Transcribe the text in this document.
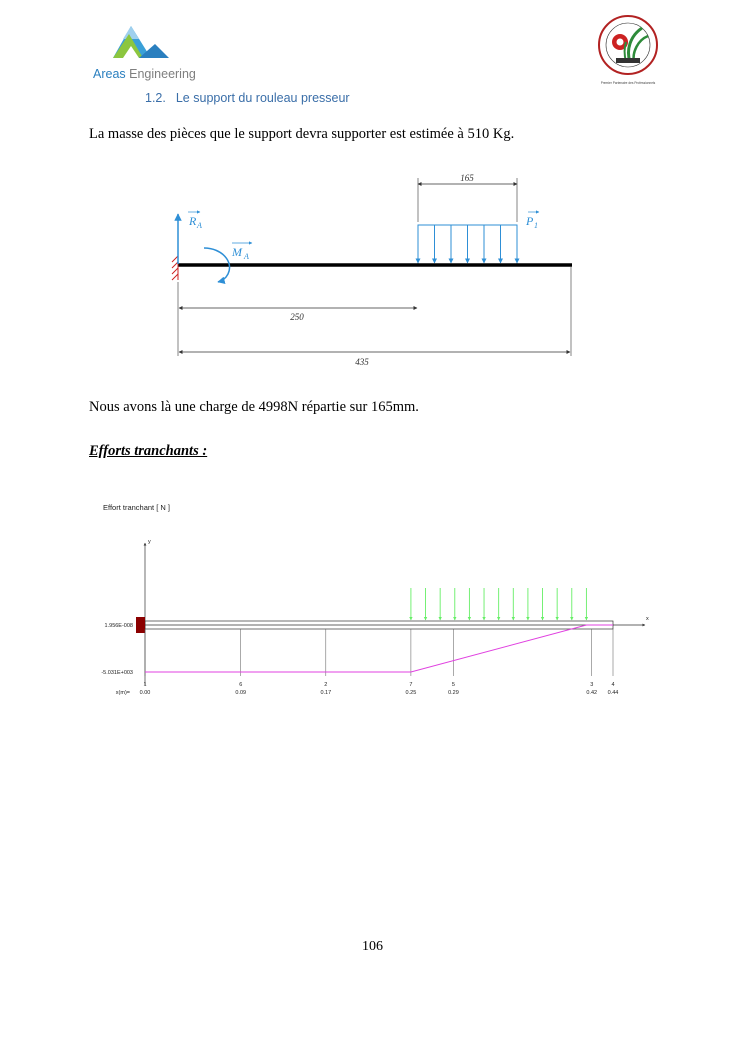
Areas Engineering
Premier Partenaire des Professionnels
1.2. Le support du rouleau presseur
La masse des pièces que le support devra supporter est estimée à 510 Kg.
165
P 1
R A
M A
250
435
Nous avons là une charge de 4998N répartie sur 165mm.
Efforts tranchants :
Effort tranchant [ N ]
y
x
1.956E-008
-5.031E+003
x(m)=
1
0.00
6
0.09
2
0.17
7
0.25
5
0.29
3
0.42
4
0.44
106
